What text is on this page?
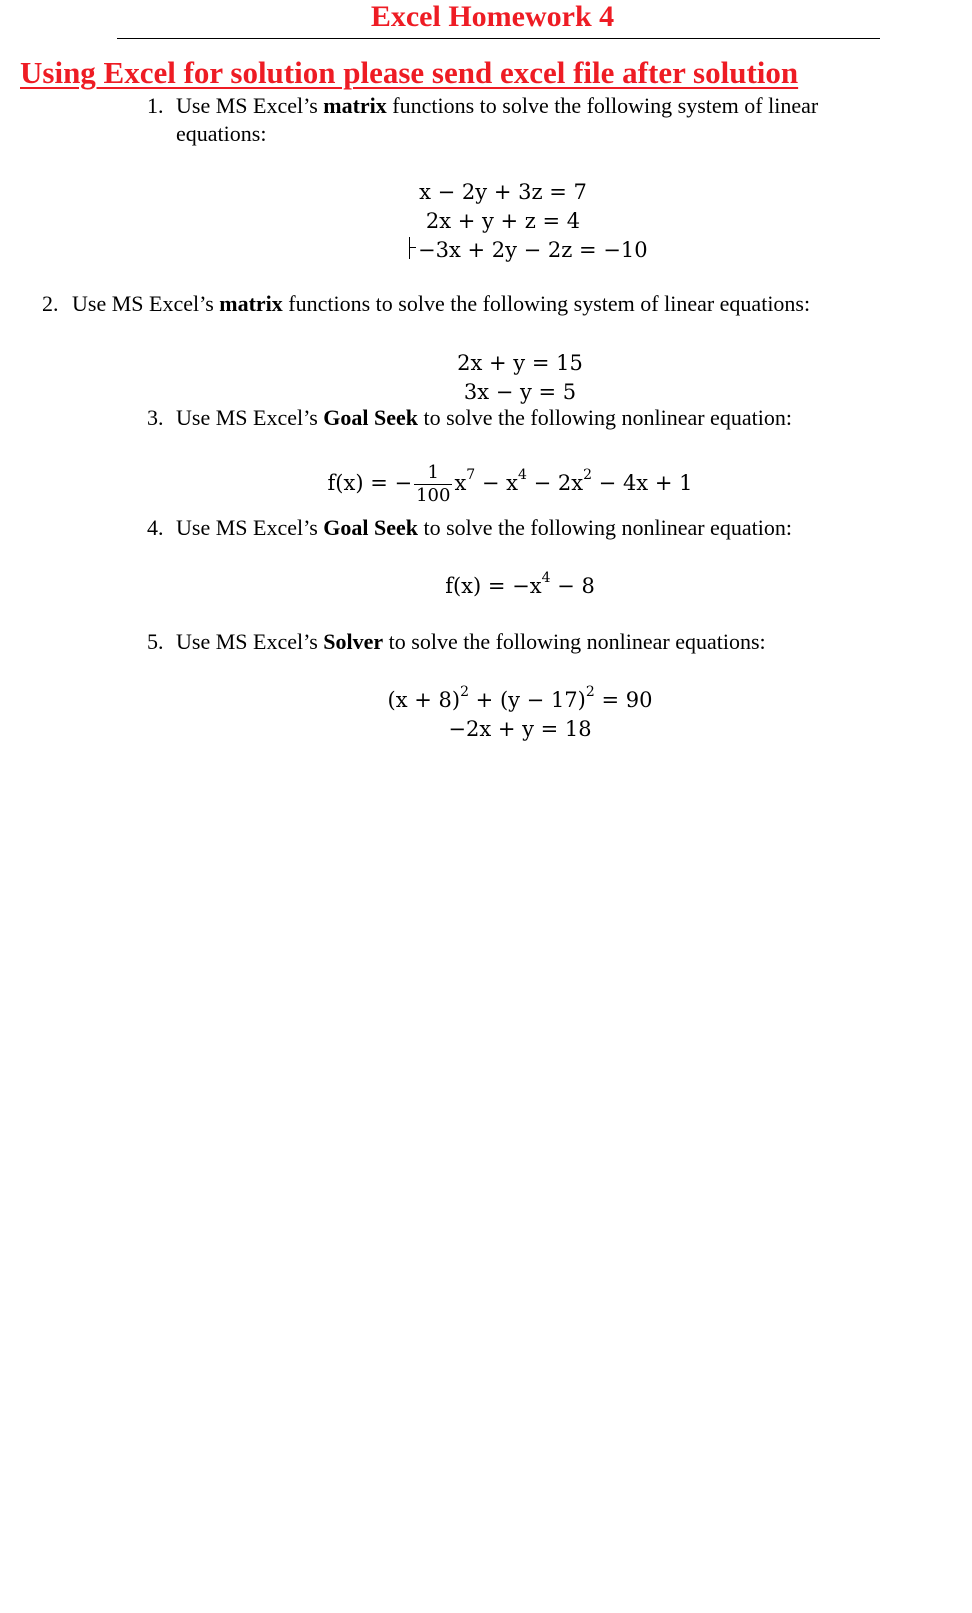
Excel Homework 4
Using Excel for solution please send excel file after solution
1. Use MS Excel’s matrix functions to solve the following system of linear
equations:
x − 2y + 3z = 7
2x + y + z = 4
−3x + 2y − 2z = −10
2. Use MS Excel’s matrix functions to solve the following system of linear equations:
2x + y = 15
3x − y = 5
3. Use MS Excel’s Goal Seek to solve the following nonlinear equation:
f(x) = − $\frac{1}{100} x^7 - x^4 - 2x^2 - 4x + 1$
4. Use MS Excel’s Goal Seek to solve the following nonlinear equation:
$f(x) = -x^4 - 8$
5. Use MS Excel’s Solver to solve the following nonlinear equations:
$(x + 8)^2 + (y - 17)^2 = 90$
−2x + y = 18
